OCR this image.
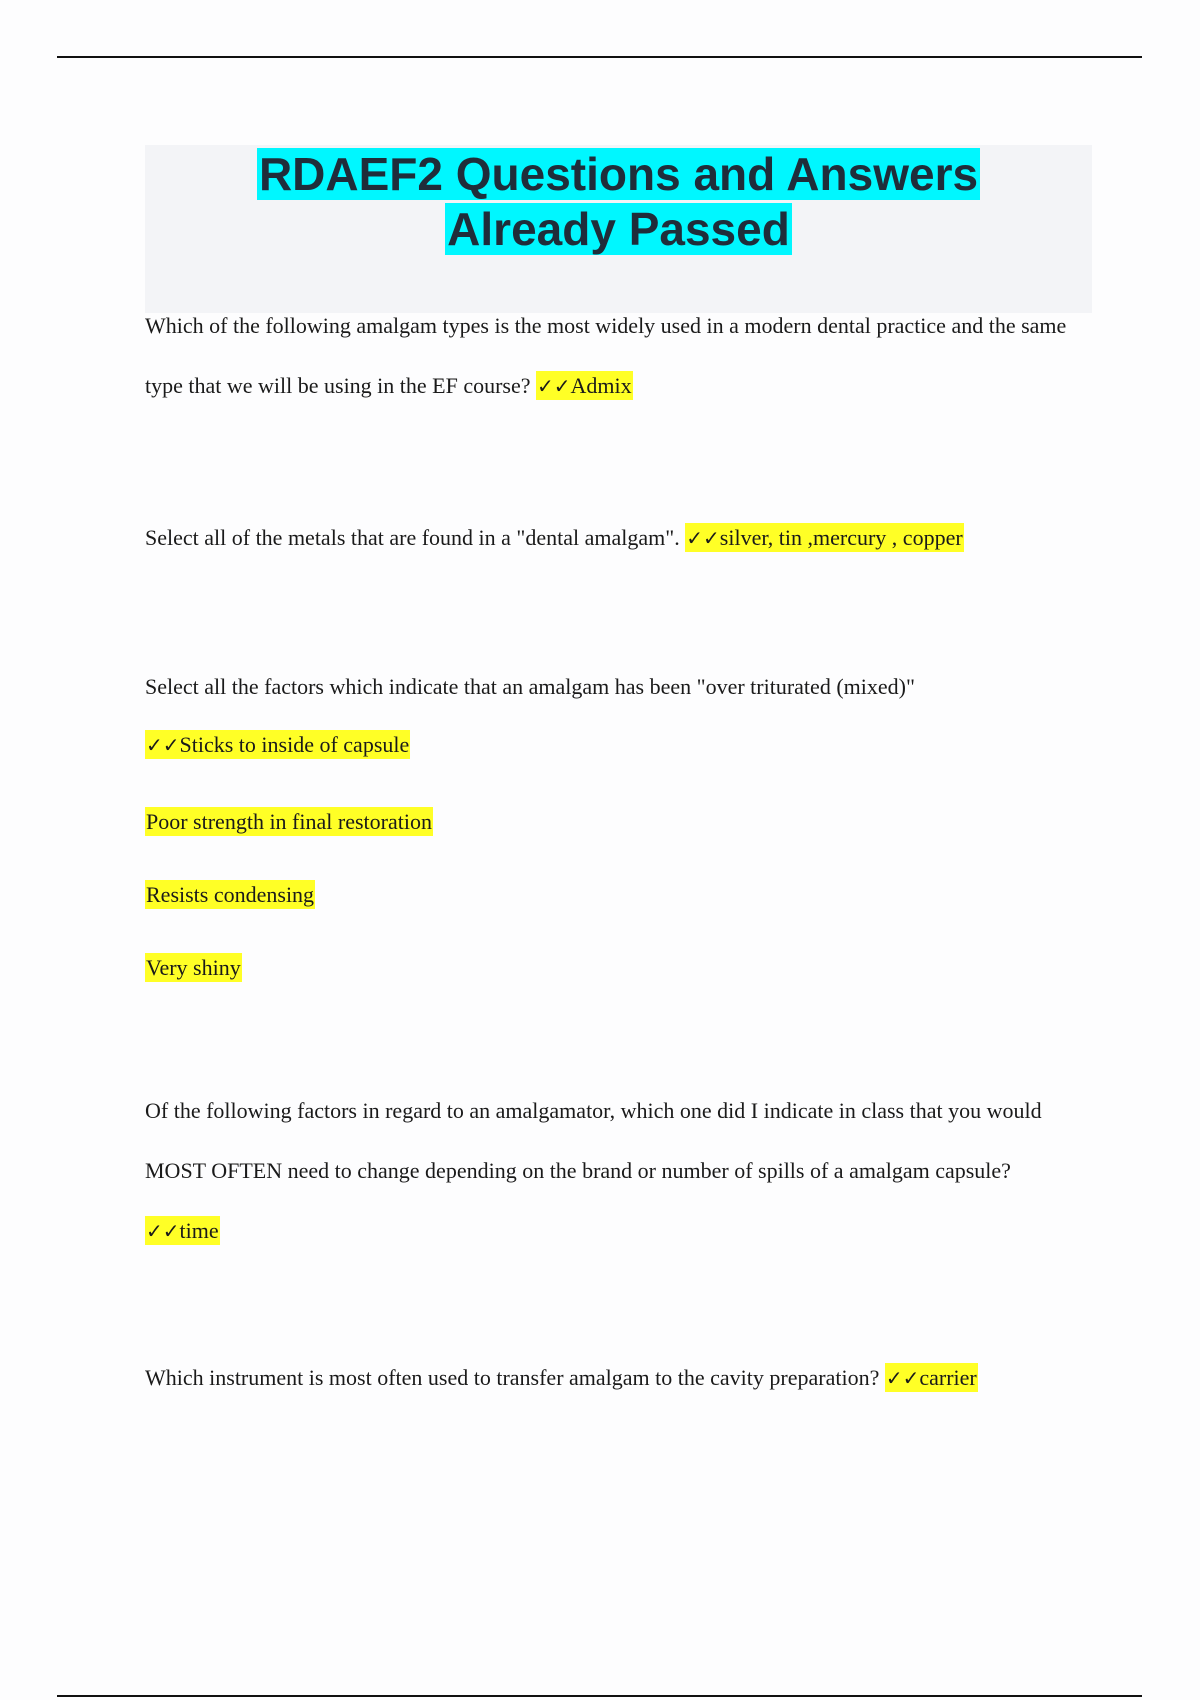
RDAEF2 Questions and Answers
Already Passed

Which of the following amalgam types is the most widely used in a modern dental practice and the same type that we will be using in the EF course? ✓✓Admix

Select all of the metals that are found in a "dental amalgam". ✓✓silver, tin ,mercury , copper

Select all the factors which indicate that an amalgam has been "over triturated (mixed)"

✓✓Sticks to inside of capsule

Poor strength in final restoration

Resists condensing

Very shiny

Of the following factors in regard to an amalgamator, which one did I indicate in class that you would MOST OFTEN need to change depending on the brand or number of spills of a amalgam capsule? ✓✓time

Which instrument is most often used to transfer amalgam to the cavity preparation? ✓✓carrier
